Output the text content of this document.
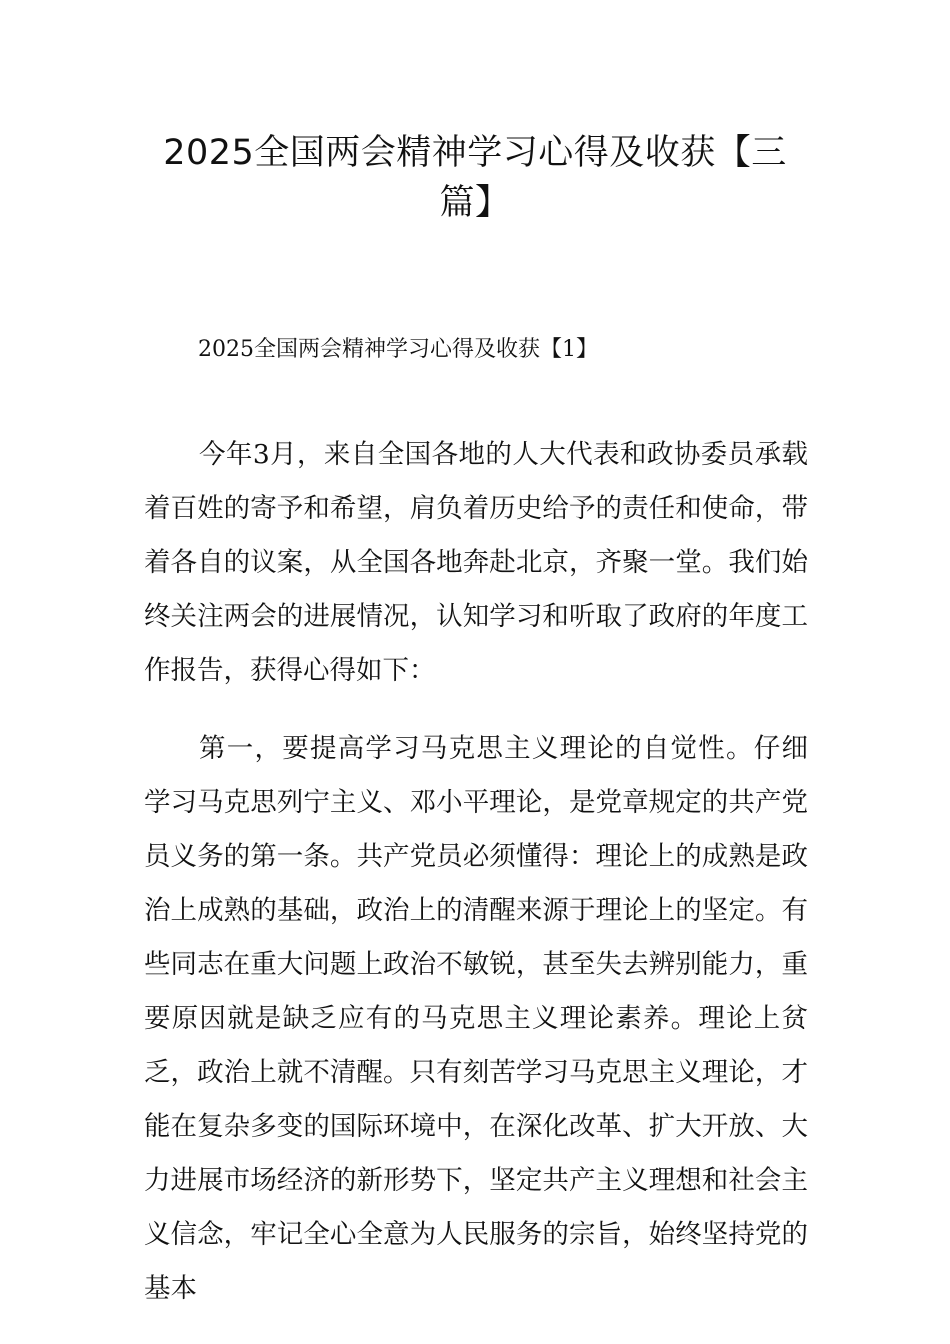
2025全国两会精神学习心得及收获【三篇】

2025全国两会精神学习心得及收获【1】

今年3月，来自全国各地的人大代表和政协委员承载着百姓的寄予和希望，肩负着历史给予的责任和使命，带着各自的议案，从全国各地奔赴北京，齐聚一堂。我们始终关注两会的进展情况，认知学习和听取了政府的年度工作报告，获得心得如下：

第一，要提高学习马克思主义理论的自觉性。仔细学习马克思列宁主义、邓小平理论，是党章规定的共产党员义务的第一条。共产党员必须懂得：理论上的成熟是政治上成熟的基础，政治上的清醒来源于理论上的坚定。有些同志在重大问题上政治不敏锐，甚至失去辨别能力，重要原因就是缺乏应有的马克思主义理论素养。理论上贫乏，政治上就不清醒。只有刻苦学习马克思主义理论，才能在复杂多变的国际环境中，在深化改革、扩大开放、大力进展市场经济的新形势下，坚定共产主义理想和社会主义信念，牢记全心全意为人民服务的宗旨，始终坚持党的基本
